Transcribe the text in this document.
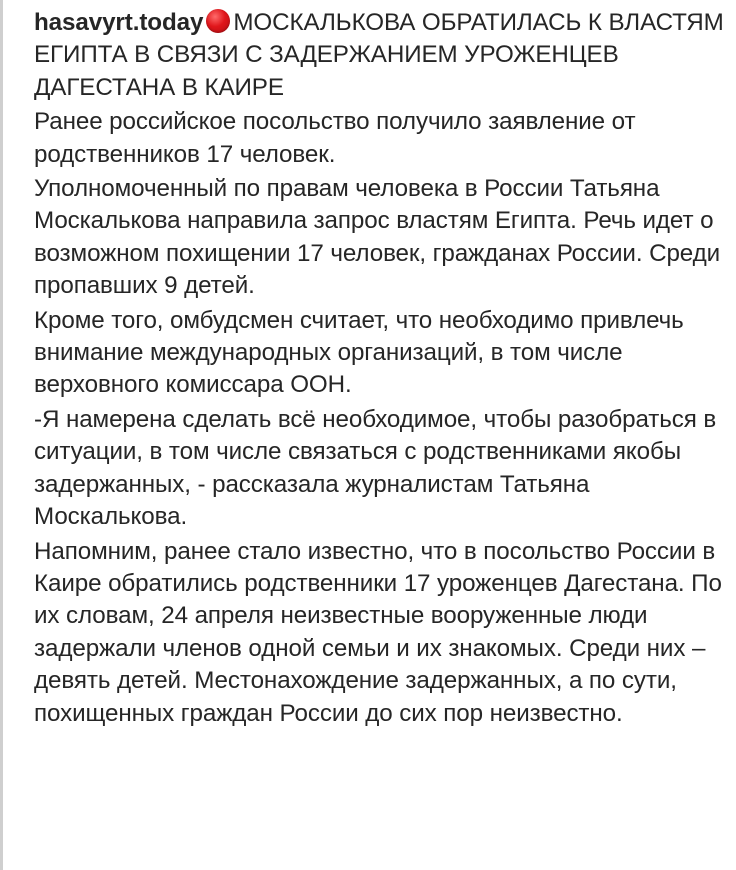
hasavyrt.today МОСКАЛЬКОВА ОБРАТИЛАСЬ К ВЛАСТЯМ ЕГИПТА В СВЯЗИ С ЗАДЕРЖАНИЕМ УРОЖЕНЦЕВ ДАГЕСТАНА В КАИРЕ
Ранее российское посольство получило заявление от родственников 17 человек.
Уполномоченный по правам человека в России Татьяна Москалькова направила запрос властям Египта. Речь идет о возможном похищении 17 человек, гражданах России. Среди пропавших 9 детей.
Кроме того, омбудсмен считает, что необходимо привлечь внимание международных организаций, в том числе верховного комиссара ООН.
-Я намерена сделать всё необходимое, чтобы разобраться в ситуации, в том числе связаться с родственниками якобы задержанных, - рассказала журналистам Татьяна Москалькова.
Напомним, ранее стало известно, что в посольство России в Каире обратились родственники 17 уроженцев Дагестана. По их словам, 24 апреля неизвестные вооруженные люди задержали членов одной семьи и их знакомых. Среди них – девять детей. Местонахождение задержанных, а по сути, похищенных граждан России до сих пор неизвестно.
